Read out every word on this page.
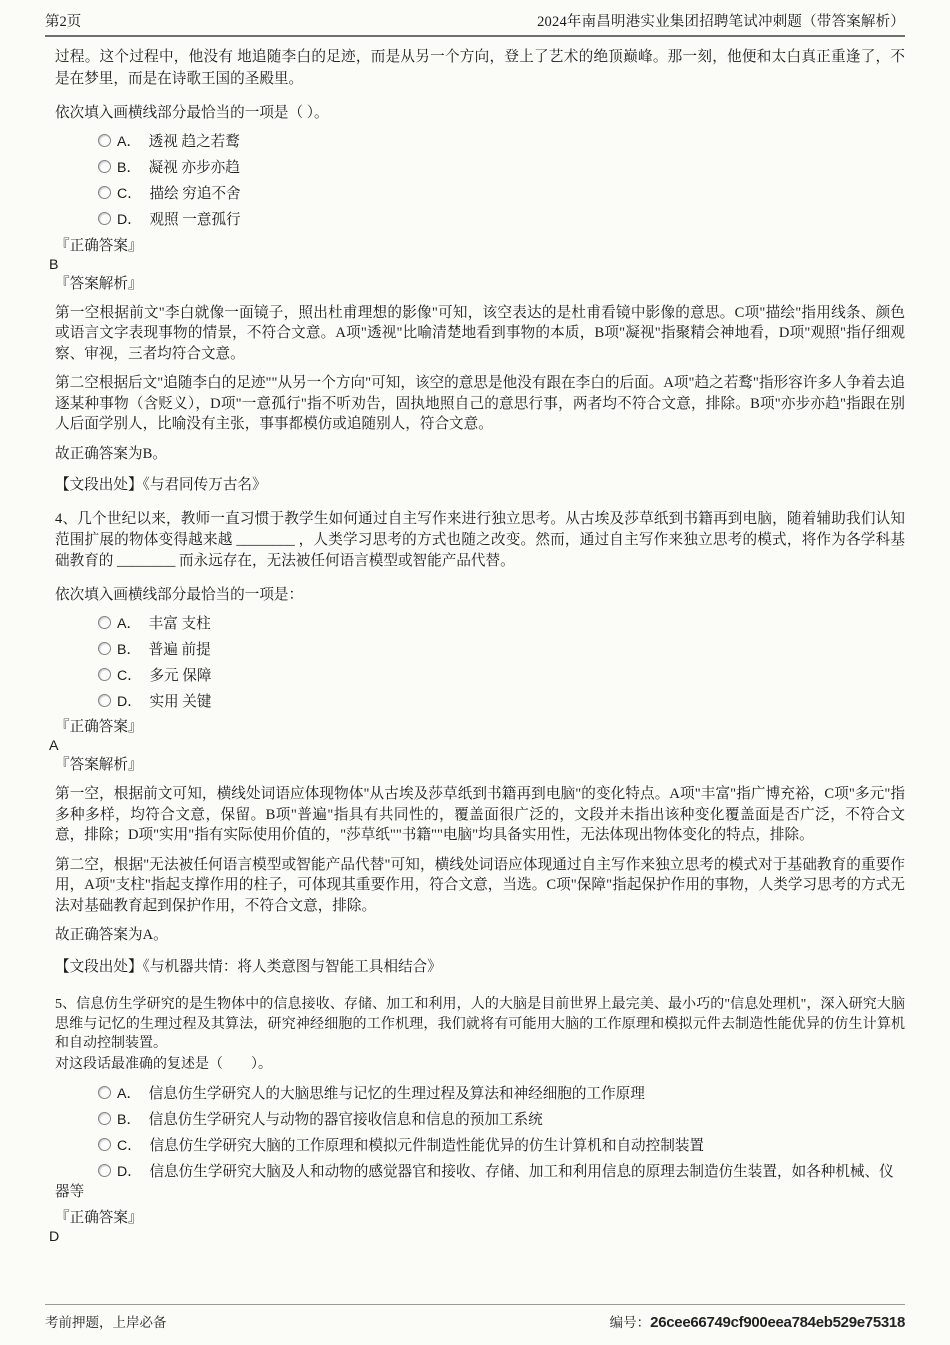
第2页	2024年南昌明港实业集团招聘笔试冲刺题（带答案解析）

过程。这个过程中，他没有 地追随李白的足迹，而是从另一个方向，登上了艺术的绝顶巅峰。那一刻，他便和太白真正重逢了，不是在梦里，而是在诗歌王国的圣殿里。

依次填入画横线部分最恰当的一项是（ ）。

A． 透视 趋之若鹜
B． 凝视 亦步亦趋
C． 描绘 穷追不舍
D． 观照 一意孤行

『正确答案』

B

『答案解析』

第一空根据前文"李白就像一面镜子，照出杜甫理想的影像"可知，该空表达的是杜甫看镜中影像的意思。C项"描绘"指用线条、颜色或语言文字表现事物的情景，不符合文意。A项"透视"比喻清楚地看到事物的本质，B项"凝视"指聚精会神地看，D项"观照"指仔细观察、审视，三者均符合文意。

第二空根据后文"追随李白的足迹""从另一个方向"可知，该空的意思是他没有跟在李白的后面。A项"趋之若鹜"指形容许多人争着去追逐某种事物（含贬义），D项"一意孤行"指不听劝告，固执地照自己的意思行事，两者均不符合文意，排除。B项"亦步亦趋"指跟在别人后面学别人，比喻没有主张，事事都模仿或追随别人，符合文意。

故正确答案为B。

【文段出处】《与君同传万古名》

4、几个世纪以来，教师一直习惯于教学生如何通过自主写作来进行独立思考。从古埃及莎草纸到书籍再到电脑，随着辅助我们认知范围扩展的物体变得越来越 ________ ，人类学习思考的方式也随之改变。然而，通过自主写作来独立思考的模式，将作为各学科基础教育的 ________ 而永远存在，无法被任何语言模型或智能产品代替。

依次填入画横线部分最恰当的一项是：

A． 丰富 支柱
B． 普遍 前提
C． 多元 保障
D． 实用 关键

『正确答案』

A

『答案解析』

第一空，根据前文可知，横线处词语应体现物体"从古埃及莎草纸到书籍再到电脑"的变化特点。A项"丰富"指广博充裕，C项"多元"指多种多样，均符合文意，保留。B项"普遍"指具有共同性的，覆盖面很广泛的，文段并未指出该种变化覆盖面是否广泛，不符合文意，排除；D项"实用"指有实际使用价值的，"莎草纸""书籍""电脑"均具备实用性，无法体现出物体变化的特点，排除。

第二空，根据"无法被任何语言模型或智能产品代替"可知，横线处词语应体现通过自主写作来独立思考的模式对于基础教育的重要作用，A项"支柱"指起支撑作用的柱子，可体现其重要作用，符合文意，当选。C项"保障"指起保护作用的事物，人类学习思考的方式无法对基础教育起到保护作用，不符合文意，排除。

故正确答案为A。

【文段出处】《与机器共情：将人类意图与智能工具相结合》

5、信息仿生学研究的是生物体中的信息接收、存储、加工和利用，人的大脑是目前世界上最完美、最小巧的"信息处理机"，深入研究大脑思维与记忆的生理过程及其算法，研究神经细胞的工作机理，我们就将有可能用大脑的工作原理和模拟元件去制造性能优异的仿生计算机和自动控制装置。

对这段话最准确的复述是（　　）。

A． 信息仿生学研究人的大脑思维与记忆的生理过程及算法和神经细胞的工作原理
B． 信息仿生学研究人与动物的器官接收信息和信息的预加工系统
C． 信息仿生学研究大脑的工作原理和模拟元件制造性能优异的仿生计算机和自动控制装置
D． 信息仿生学研究大脑及人和动物的感觉器官和接收、存储、加工和利用信息的原理去制造仿生装置，如各种机械、仪器等

『正确答案』

D

考前押题，上岸必备	编号：26cee66749cf900eea784eb529e75318
